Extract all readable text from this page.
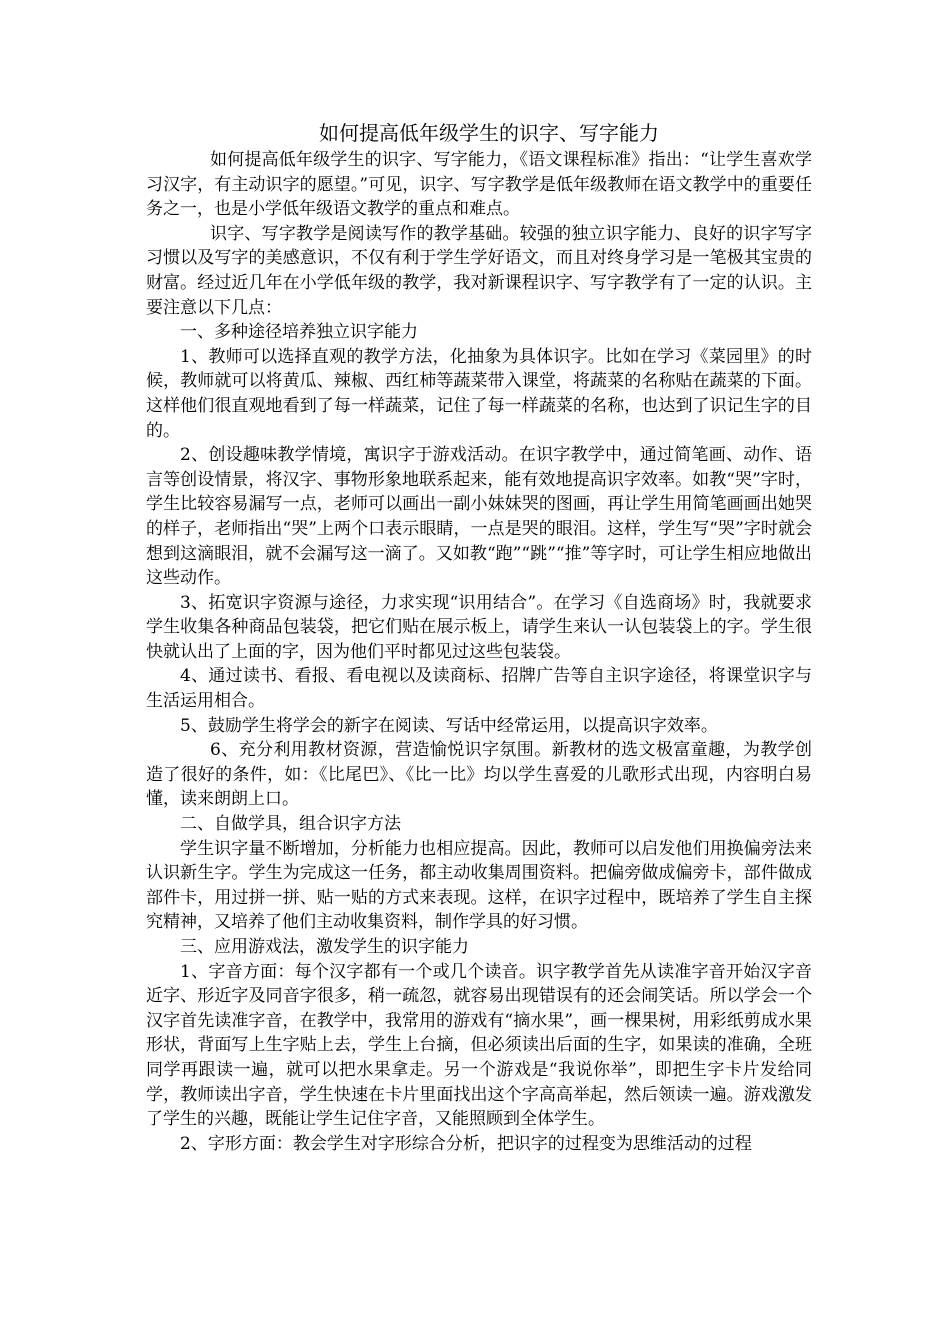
如何提高低年级学生的识字、写字能力

如何提高低年级学生的识字、写字能力，《语文课程标准》指出：“让学生喜欢学习汉字，有主动识字的愿望。”可见，识字、写字教学是低年级教师在语文教学中的重要任务之一，也是小学低年级语文教学的重点和难点。

识字、写字教学是阅读写作的教学基础。较强的独立识字能力、良好的识字写字习惯以及写字的美感意识，不仅有利于学生学好语文，而且对终身学习是一笔极其宝贵的财富。经过近几年在小学低年级的教学，我对新课程识字、写字教学有了一定的认识。主要注意以下几点：

一、多种途径培养独立识字能力

1、教师可以选择直观的教学方法，化抽象为具体识字。比如在学习《菜园里》的时候，教师就可以将黄瓜、辣椒、西红柿等蔬菜带入课堂，将蔬菜的名称贴在蔬菜的下面。这样他们很直观地看到了每一样蔬菜，记住了每一样蔬菜的名称，也达到了识记生字的目的。

2、创设趣味教学情境，寓识字于游戏活动。在识字教学中，通过简笔画、动作、语言等创设情景，将汉字、事物形象地联系起来，能有效地提高识字效率。如教“哭”字时，学生比较容易漏写一点，老师可以画出一副小妹妹哭的图画，再让学生用简笔画画出她哭的样子，老师指出“哭”上两个口表示眼睛，一点是哭的眼泪。这样，学生写“哭”字时就会想到这滴眼泪，就不会漏写这一滴了。又如教“跑”“跳”“推”等字时，可让学生相应地做出这些动作。

3、拓宽识字资源与途径，力求实现“识用结合”。在学习《自选商场》时，我就要求学生收集各种商品包装袋，把它们贴在展示板上，请学生来认一认包装袋上的字。学生很快就认出了上面的字，因为他们平时都见过这些包装袋。

4、通过读书、看报、看电视以及读商标、招牌广告等自主识字途径，将课堂识字与生活运用相合。

5、鼓励学生将学会的新字在阅读、写话中经常运用，以提高识字效率。

6、充分利用教材资源，营造愉悦识字氛围。新教材的选文极富童趣，为教学创造了很好的条件，如：《比尾巴》、《比一比》均以学生喜爱的儿歌形式出现，内容明白易懂，读来朗朗上口。

二、自做学具，组合识字方法

学生识字量不断增加，分析能力也相应提高。因此，教师可以启发他们用换偏旁法来认识新生字。学生为完成这一任务，都主动收集周围资料。把偏旁做成偏旁卡，部件做成部件卡，用过拼一拼、贴一贴的方式来表现。这样，在识字过程中，既培养了学生自主探究精神，又培养了他们主动收集资料，制作学具的好习惯。

三、应用游戏法，激发学生的识字能力

1、字音方面：每个汉字都有一个或几个读音。识字教学首先从读准字音开始汉字音近字、形近字及同音字很多，稍一疏忽，就容易出现错误有的还会闹笑话。所以学会一个汉字首先读准字音，在教学中，我常用的游戏有“摘水果”，画一棵果树，用彩纸剪成水果形状，背面写上生字贴上去，学生上台摘，但必须读出后面的生字，如果读的准确，全班同学再跟读一遍，就可以把水果拿走。另一个游戏是“我说你举”，即把生字卡片发给同学，教师读出字音，学生快速在卡片里面找出这个字高高举起，然后领读一遍。游戏激发了学生的兴趣，既能让学生记住字音，又能照顾到全体学生。

2、字形方面：教会学生对字形综合分析，把识字的过程变为思维活动的过程
